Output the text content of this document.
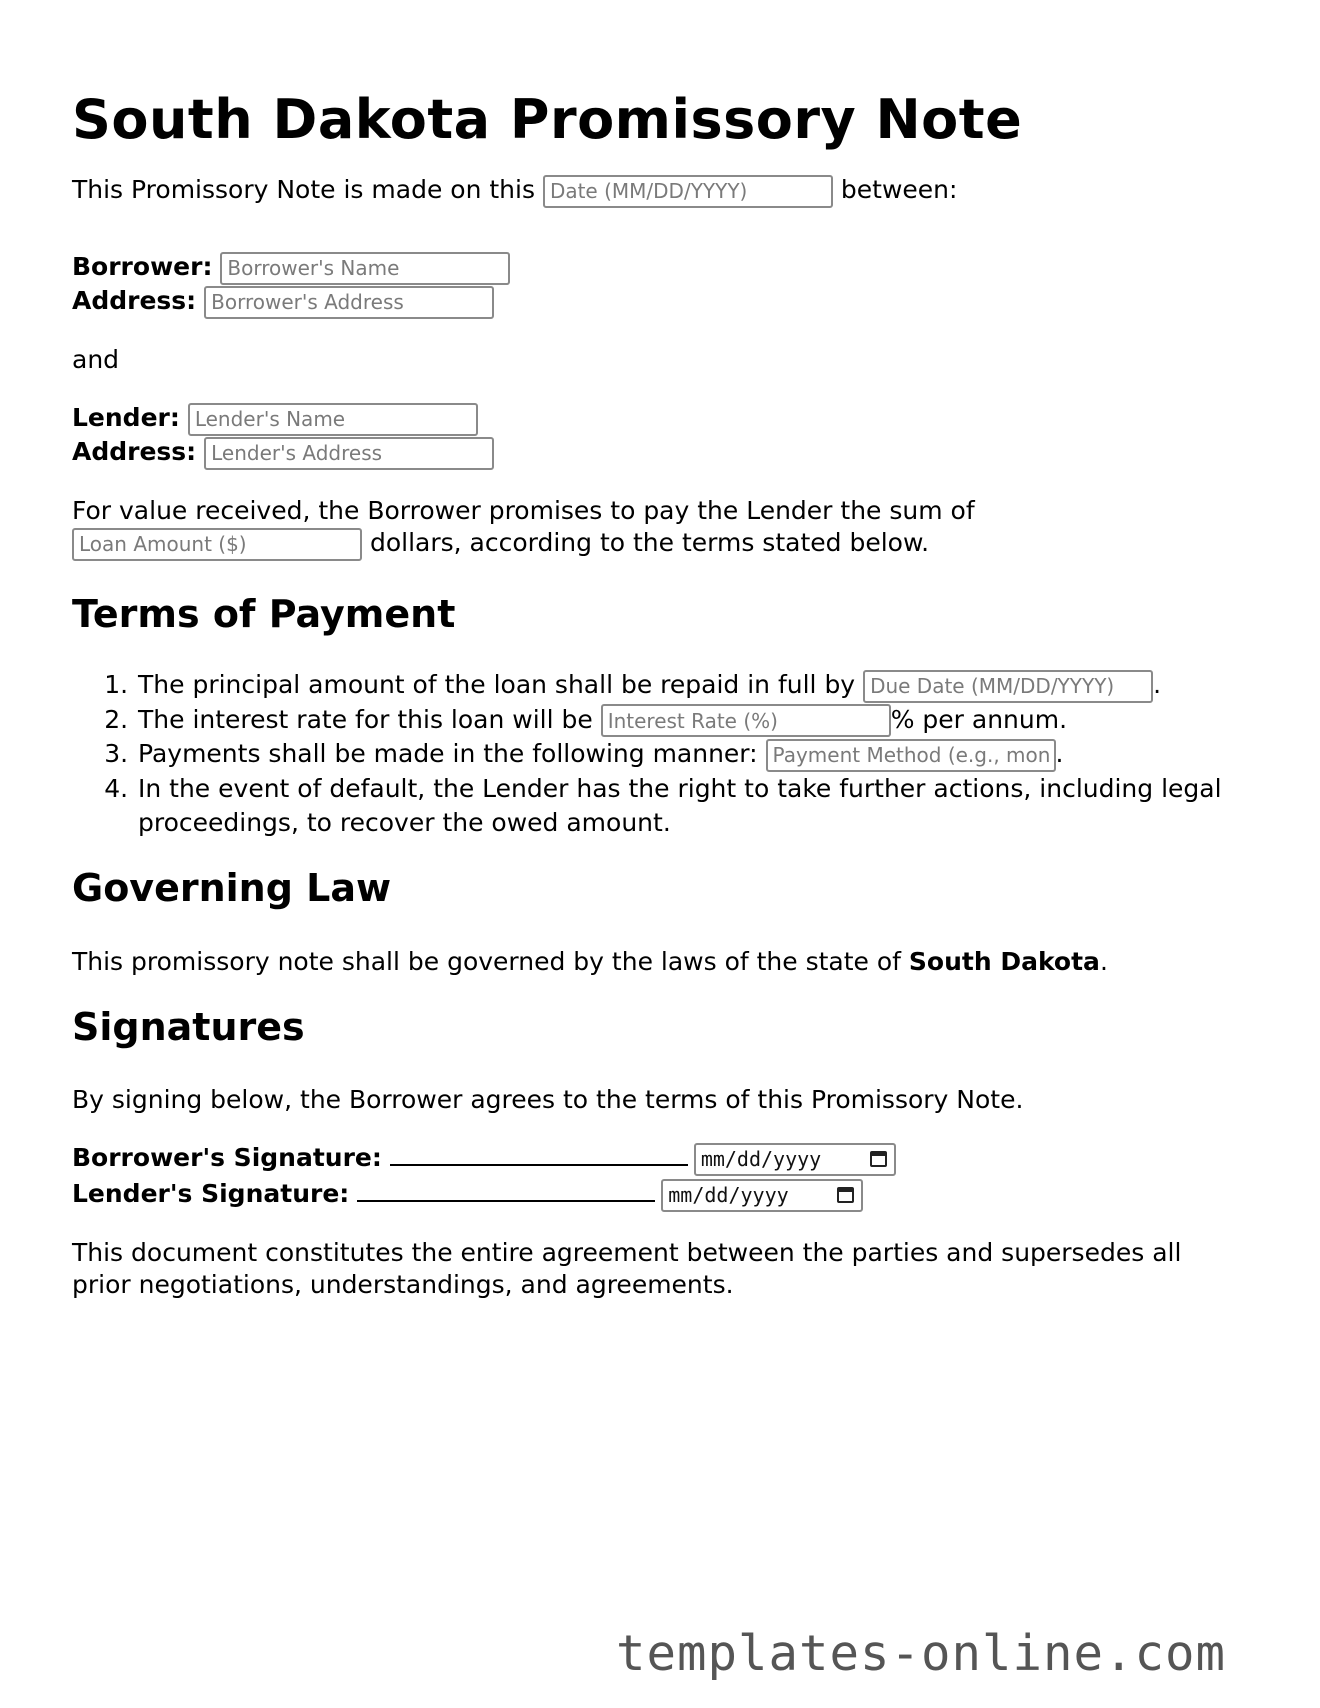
South Dakota Promissory Note
This Promissory Note is made on this Date (MM/DD/YYYY)	between:
Borrower: Borrower's Name
Address: Borrower's Address
and
Lender: Lender's Name
Address: Lender's Address
For value received, the Borrower promises to pay the Lender the sum of
Loan Amount ($) dollars, according to the terms stated below.
Terms of Payment
1. The principal amount of the loan shall be repaid in full by Due Date (MM/DD/YYYY)	.
2. The interest rate for this loan will be Interest Rate (%)	% per annum.
3. Payments shall be made in the following manner: Payment Method (e.g., monthly installments)	.
4. In the event of default, the Lender has the right to take further actions, including legal proceedings, to recover the owed amount.
Governing Law
This promissory note shall be governed by the laws of the state of South Dakota.
Signatures
By signing below, the Borrower agrees to the terms of this Promissory Note.
Borrower's Signature:	mm/dd/yyyy
Lender's Signature:	mm/dd/yyyy
This document constitutes the entire agreement between the parties and supersedes all prior negotiations, understandings, and agreements.
templates-online.com
